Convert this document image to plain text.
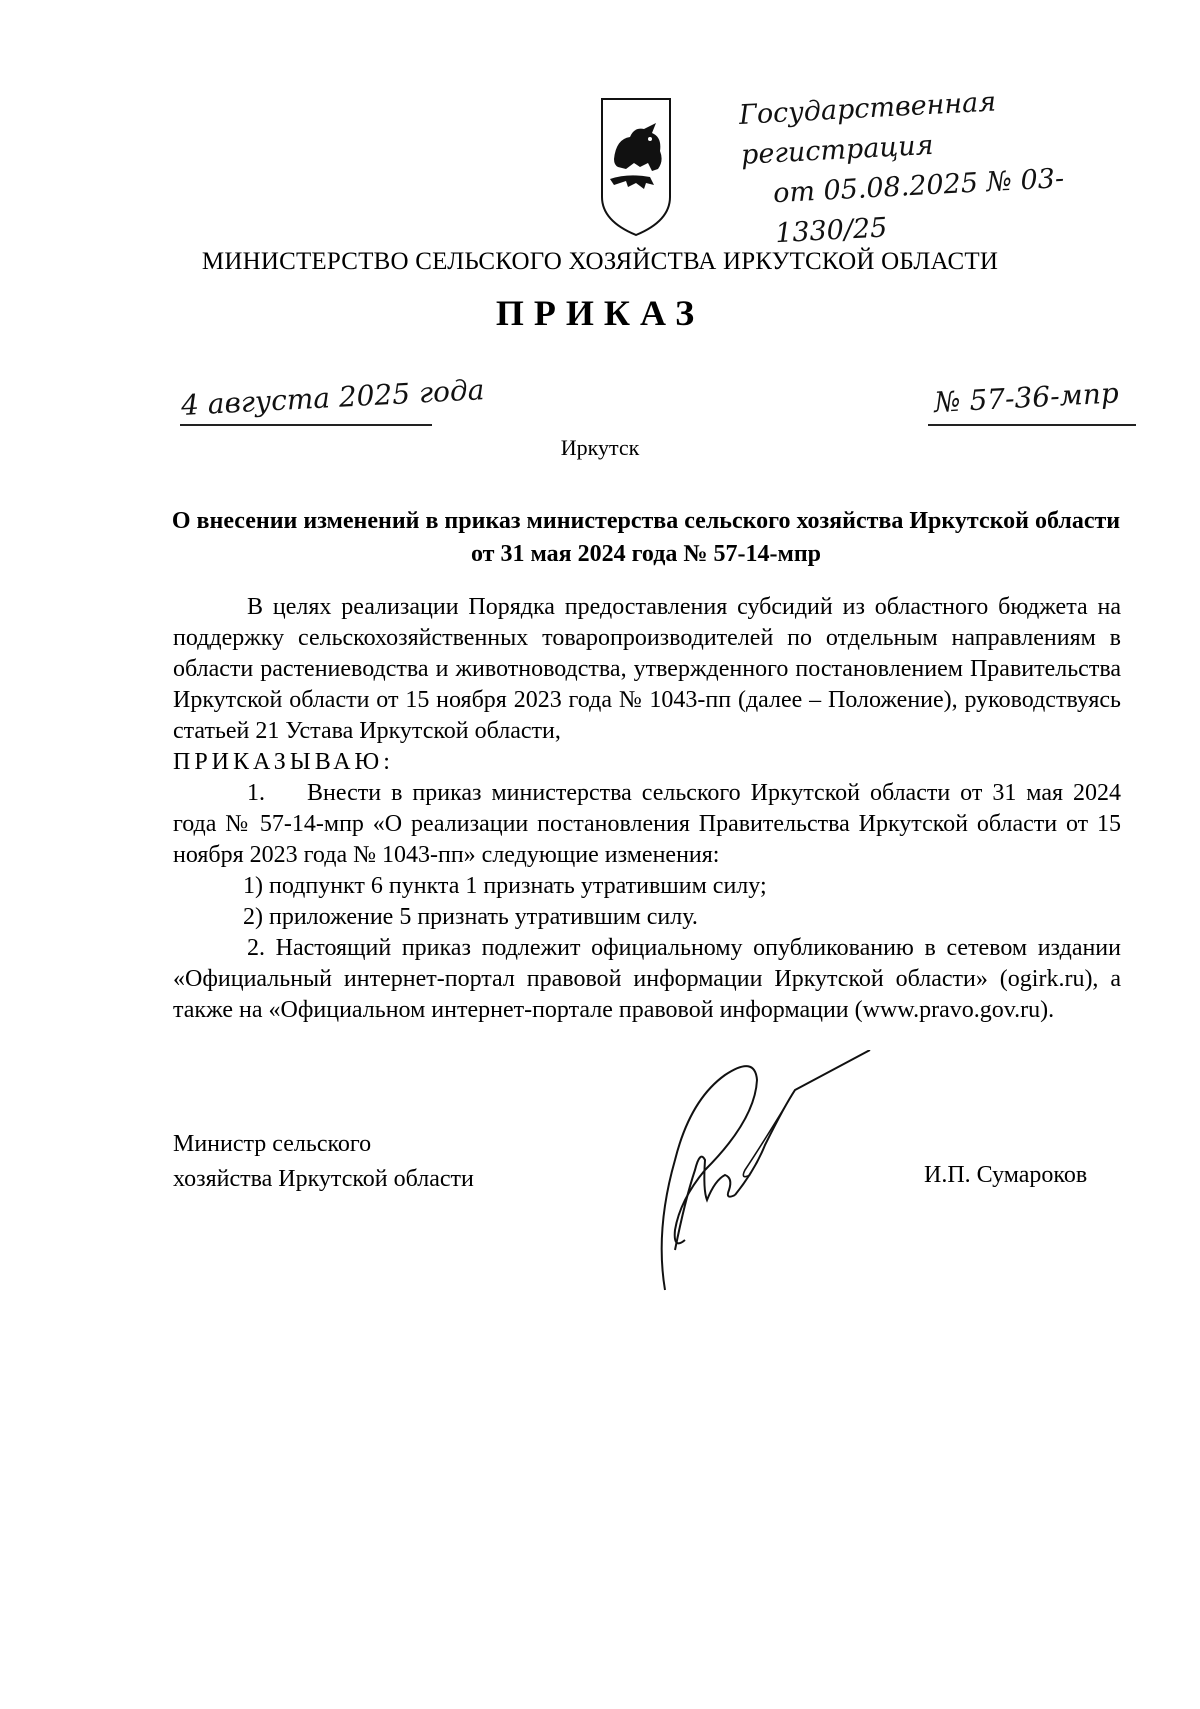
Государственная регистрация
от 05.08.2025 № 03-1330/25
МИНИСТЕРСТВО СЕЛЬСКОГО ХОЗЯЙСТВА ИРКУТСКОЙ ОБЛАСТИ
ПРИКАЗ
4 августа 2025 года	№ 57-36-мпр
Иркутск
О внесении изменений в приказ министерства сельского хозяйства Иркутской области от 31 мая 2024 года № 57-14-мпр

В целях реализации Порядка предоставления субсидий из областного бюджета на поддержку сельскохозяйственных товаропроизводителей по отдельным направлениям в области растениеводства и животноводства, утвержденного постановлением Правительства Иркутской области от 15 ноября 2023 года № 1043-пп (далее – Положение), руководствуясь статьей 21 Устава Иркутской области,

ПРИКАЗЫВАЮ:

1. Внести в приказ министерства сельского Иркутской области от 31 мая 2024 года № 57-14-мпр «О реализации постановления Правительства Иркутской области от 15 ноября 2023 года № 1043-пп» следующие изменения:

1) подпункт 6 пункта 1 признать утратившим силу;

2) приложение 5 признать утратившим силу.

2. Настоящий приказ подлежит официальному опубликованию в сетевом издании «Официальный интернет-портал правовой информации Иркутской области» (ogirk.ru), а также на «Официальном интернет-портале правовой информации (www.pravo.gov.ru).

Министр сельского
хозяйства Иркутской области	И.П. Сумароков
